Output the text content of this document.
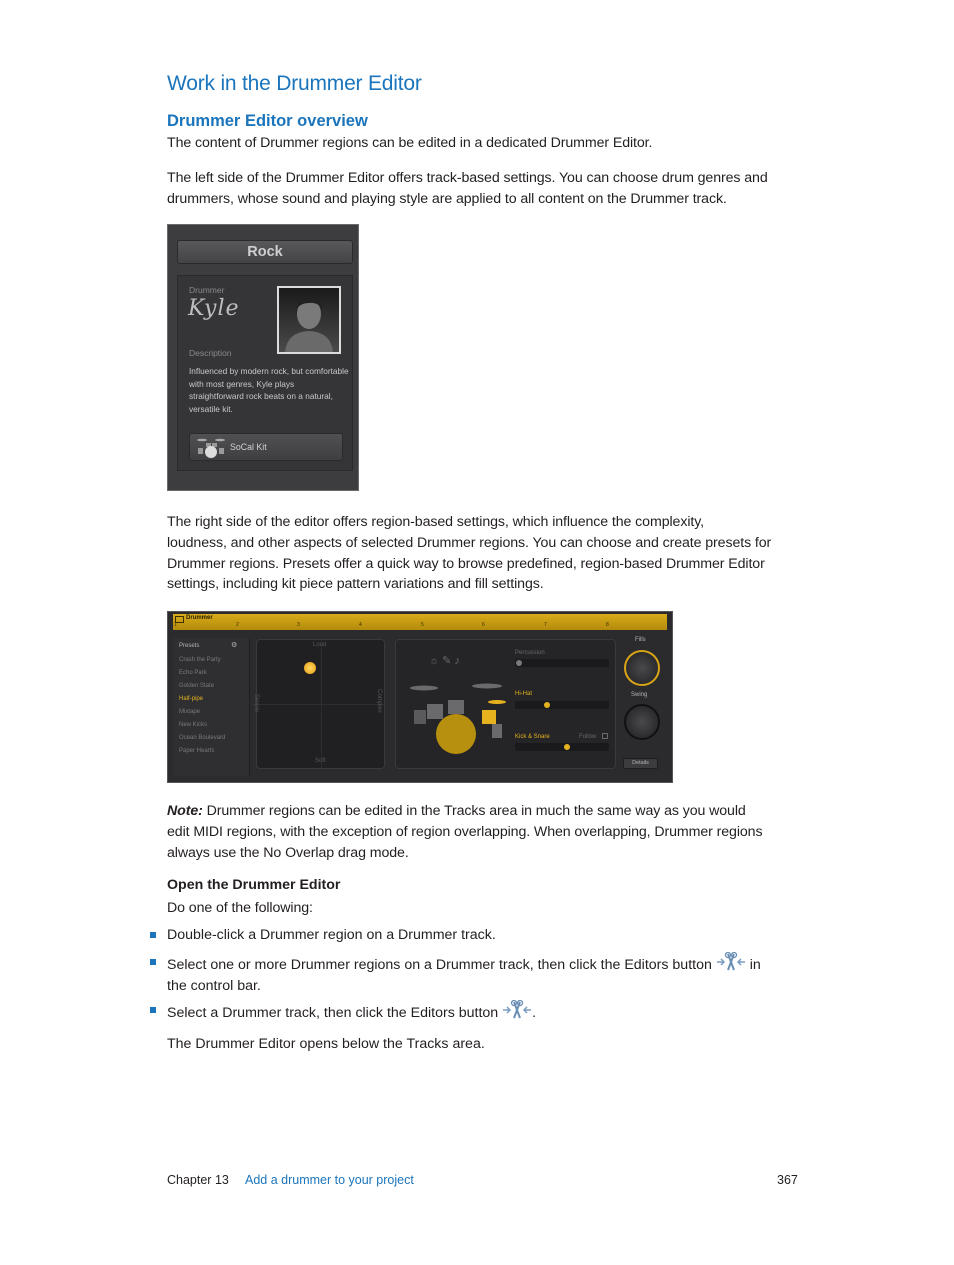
Work in the Drummer Editor
Drummer Editor overview
The content of Drummer regions can be edited in a dedicated Drummer Editor.
The left side of the Drummer Editor offers track-based settings. You can choose drum genres and
drummers, whose sound and playing style are applied to all content on the Drummer track.
Rock
Drummer
Kyle
Description
Influenced by modern rock, but comfortable with most genres, Kyle plays straightforward rock beats on a natural, versatile kit.
SoCal Kit
The right side of the editor offers region-based settings, which influence the complexity,
loudness, and other aspects of selected Drummer regions. You can choose and create presets for
Drummer regions. Presets offer a quick way to browse predefined, region-based Drummer Editor
settings, including kit piece pattern variations and fill settings.
Drummer
1	2	3	4	5	6	7	8
Presets	⚙
Crash the Party
Echo Park
Golden State
Half-pipe
Mixtape
New Kicks
Ocean Boulevard
Paper Hearts
Loud
Soft
Simple	Complex
☼ ✎ ♪
Percussion
Hi-Hat
Kick & Snare	Follow
Fills
Swing
Details
Note: Drummer regions can be edited in the Tracks area in much the same way as you would
edit MIDI regions, with the exception of region overlapping. When overlapping, Drummer regions
always use the No Overlap drag mode.
Open the Drummer Editor
Do one of the following:
Double-click a Drummer region on a Drummer track.
Select one or more Drummer regions on a Drummer track, then click the Editors button	in
the control bar.
Select a Drummer track, then click the Editors button .
The Drummer Editor opens below the Tracks area.
Chapter 13 Add a drummer to your project	367
